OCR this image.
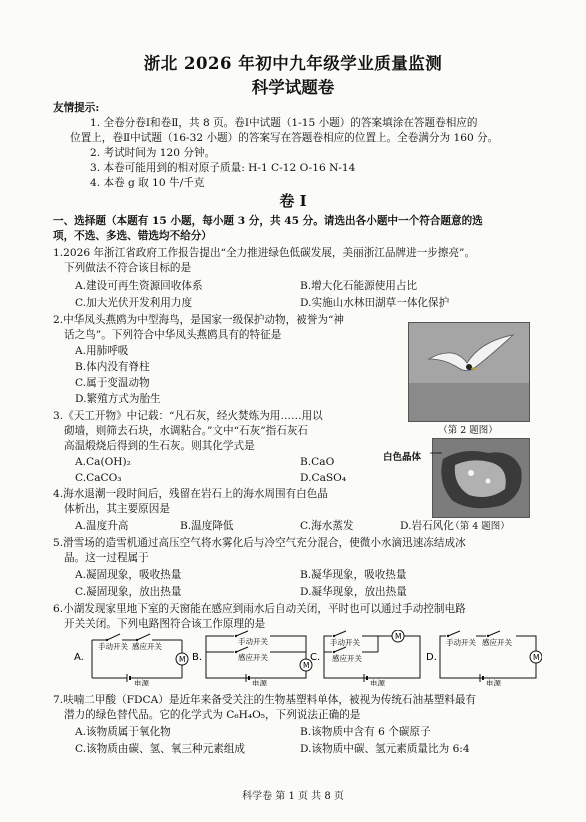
浙北 2026 年初中九年级学业质量监测
科学试题卷
友情提示:
1. 全卷分卷Ⅰ和卷Ⅱ，共 8 页。卷Ⅰ中试题（1-15 小题）的答案填涂在答题卷相应的
位置上，卷Ⅱ中试题（16-32 小题）的答案写在答题卷相应的位置上。全卷满分为 160 分。
2. 考试时间为 120 分钟。
3. 本卷可能用到的相对原子质量: H-1 C-12 O-16 N-14
4. 本卷 g 取 10 牛/千克
卷 Ⅰ
一、选择题（本题有 15 小题，每小题 3 分，共 45 分。请选出各小题中一个符合题意的选
项，不选、多选、错选均不给分）
1.2026 年浙江省政府工作报告提出“全力推进绿色低碳发展，美丽浙江品牌进一步擦亮”。
下列做法不符合该目标的是
A.建设可再生资源回收体系	B.增大化石能源使用占比
C.加大光伏开发利用力度	D.实施山水林田湖草一体化保护
2.中华凤头燕鸥为中型海鸟，是国家一级保护动物，被誉为“神
话之鸟”。下列符合中华凤头燕鸥具有的特征是
A.用肺呼吸
B.体内没有脊柱
C.属于变温动物
D.繁殖方式为胎生
（第 2 题图）
3.《天工开物》中记载：“凡石灰，经火焚炼为用……用以
砌墙，则筛去石块，水调粘合。”文中“石灰”指石灰石
高温煅烧后得到的生石灰。则其化学式是
A.Ca(OH)₂	B.CaO
C.CaCO₃	D.CaSO₄
白色晶体
（第 4 题图）
4.海水退潮一段时间后，残留在岩石上的海水周围有白色晶
体析出，其主要原因是
A.温度升高	B.温度降低	C.海水蒸发	D.岩石风化
5.滑雪场的造雪机通过高压空气将水雾化后与冷空气充分混合，使微小水滴迅速冻结成冰
晶。这一过程属于
A.凝固现象，吸收热量	B.凝华现象，吸收热量
C.凝固现象，放出热量	D.凝华现象，放出热量
6.小湖发现家里地下室的天窗能在感应到雨水后自动关闭，平时也可以通过手动控制电路
开关关闭。下列电路图符合该工作原理的是
A.
手动开关 感应开关
M
电源
B.
手动开关
感应开关
M
电源
C.
手动开关
感应开关
M
电源
D.
手动开关 感应开关
M
电源
7.呋喃二甲酸（FDCA）是近年来备受关注的生物基塑料单体，被视为传统石油基塑料最有
潜力的绿色替代品。它的化学式为 C₆H₄O₅，下列说法正确的是
A.该物质属于氧化物	B.该物质中含有 6 个碳原子
C.该物质由碳、氢、氧三种元素组成	D.该物质中碳、氢元素质量比为 6:4
科学卷 第 1 页 共 8 页
